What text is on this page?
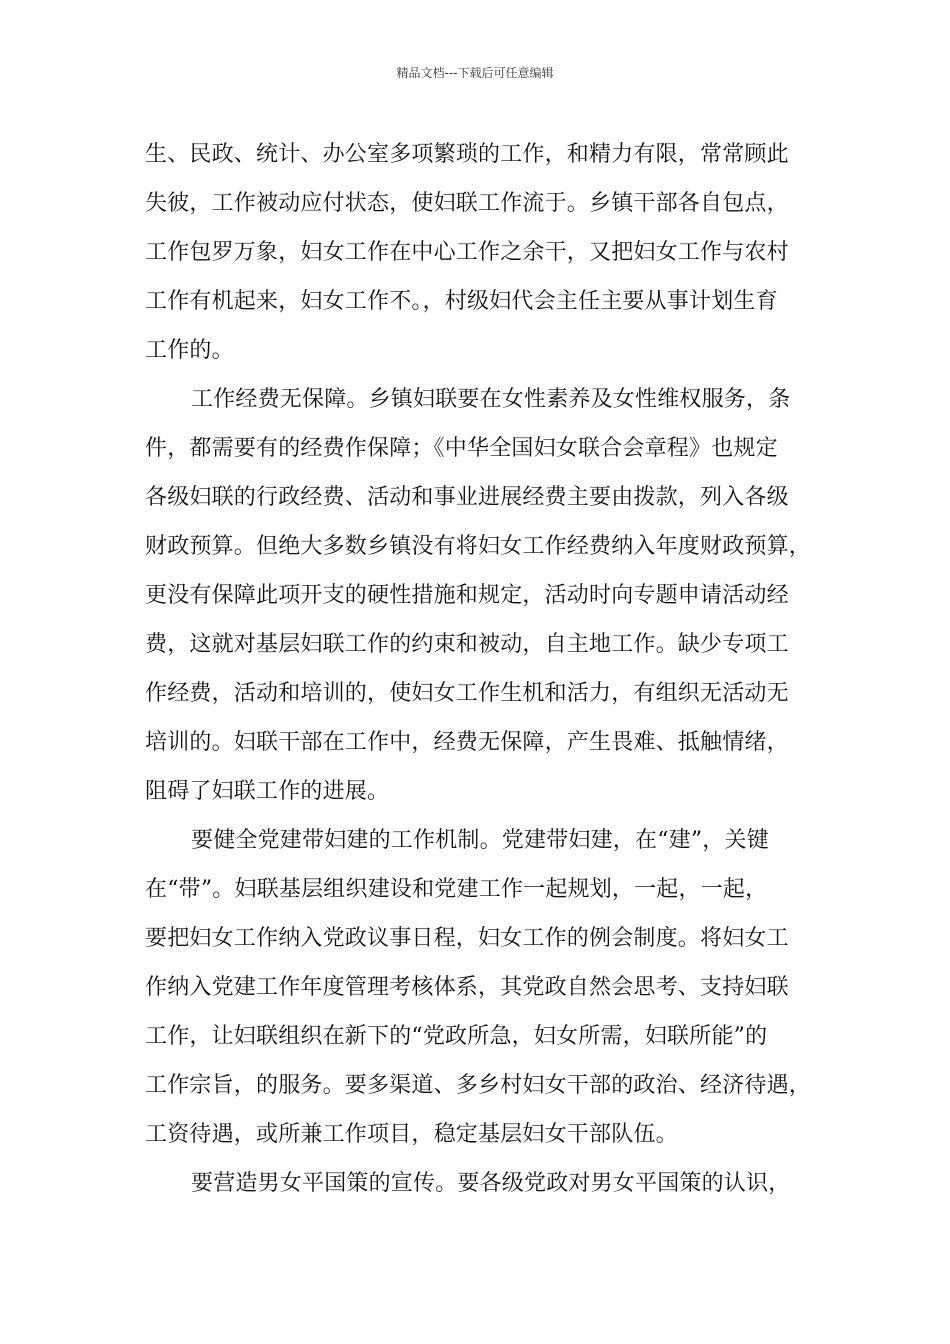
精品文档---下载后可任意编辑
生、民政、统计、办公室多项繁琐的工作，和精力有限，常常顾此
失彼，工作被动应付状态，使妇联工作流于。乡镇干部各自包点，
工作包罗万象，妇女工作在中心工作之余干，又把妇女工作与农村
工作有机起来，妇女工作不。，村级妇代会主任主要从事计划生育
工作的。
工作经费无保障。乡镇妇联要在女性素养及女性维权服务，条
件，都需要有的经费作保障；《中华全国妇女联合会章程》也规定
各级妇联的行政经费、活动和事业进展经费主要由拨款，列入各级
财政预算。但绝大多数乡镇没有将妇女工作经费纳入年度财政预算，
更没有保障此项开支的硬性措施和规定，活动时向专题申请活动经
费，这就对基层妇联工作的约束和被动，自主地工作。缺少专项工
作经费，活动和培训的，使妇女工作生机和活力，有组织无活动无
培训的。妇联干部在工作中，经费无保障，产生畏难、抵触情绪，
阻碍了妇联工作的进展。
要健全党建带妇建的工作机制。党建带妇建，在“建”，关键
在“带”。妇联基层组织建设和党建工作一起规划，一起，一起，
要把妇女工作纳入党政议事日程，妇女工作的例会制度。将妇女工
作纳入党建工作年度管理考核体系，其党政自然会思考、支持妇联
工作，让妇联组织在新下的“党政所急，妇女所需，妇联所能”的
工作宗旨，的服务。要多渠道、多乡村妇女干部的政治、经济待遇，
工资待遇，或所兼工作项目，稳定基层妇女干部队伍。
要营造男女平国策的宣传。要各级党政对男女平国策的认识，
